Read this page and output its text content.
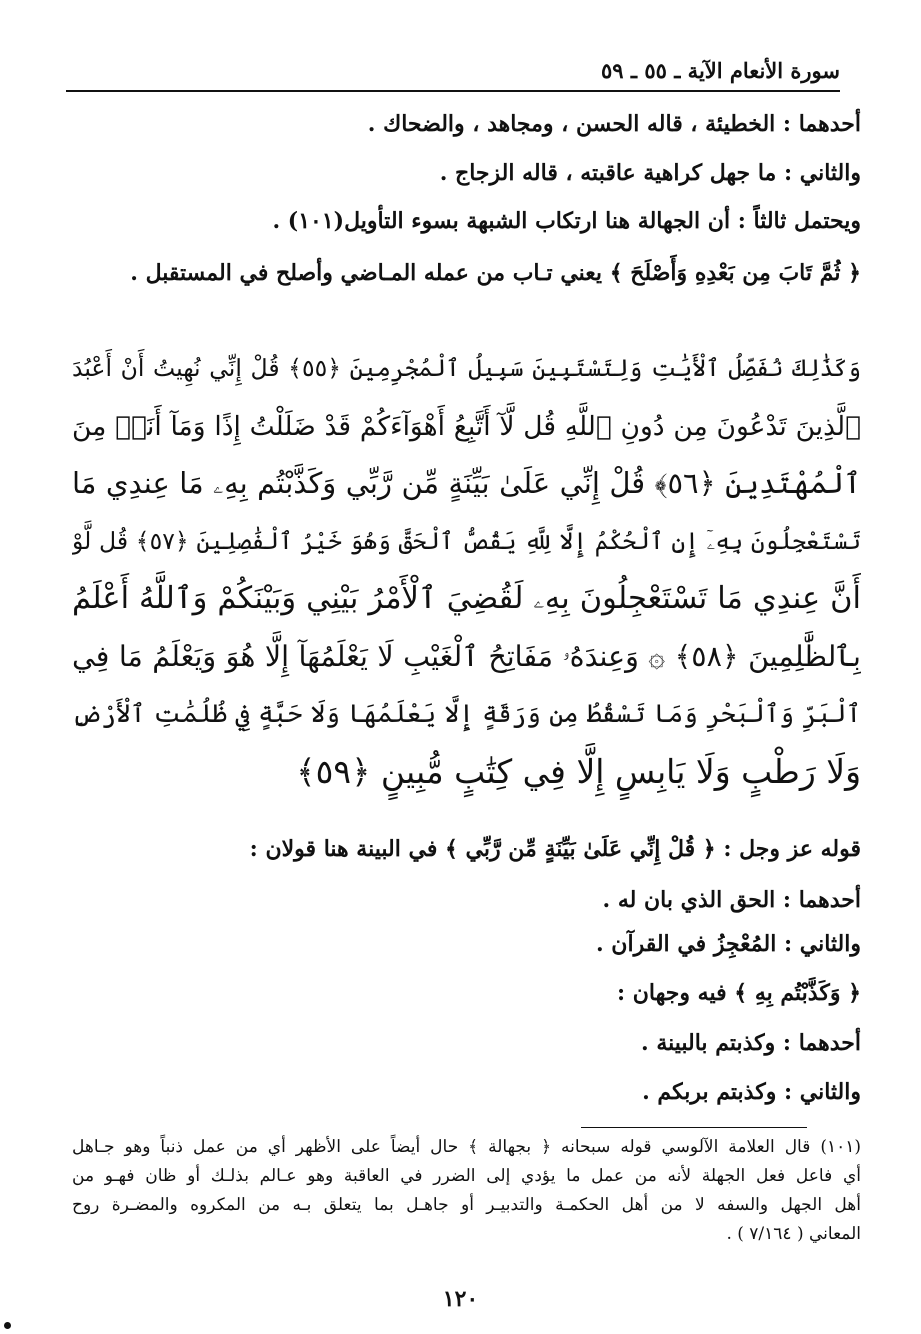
سورة الأنعام الآية ـ ٥٥ ـ ٥٩
أحدهما : الخطيئة ، قاله الحسن ، ومجاهد ، والضحاك .
والثاني : ما جهل كراهية عاقبته ، قاله الزجاج .
ويحتمل ثالثاً : أن الجهالة هنا ارتكاب الشبهة بسوء التأويل(١٠١) .
﴿ ثُمَّ تَابَ مِن بَعْدِهِ وَأَصْلَحَ ﴾ يعني تـاب من عمله المـاضي وأصلح في المستقبل .
وَكَذَٰلِكَ نُفَصِّلُ ٱلْأَيَٰتِ وَلِتَسْتَبِينَ سَبِيلُ ٱلْمُجْرِمِينَ ﴿٥٥﴾ قُلْ إِنِّي نُهِيتُ أَنْ أَعْبُدَ
ٱلَّذِينَ تَدْعُونَ مِن دُونِ ٱللَّهِ قُل لَّآ أَتَّبِعُ أَهْوَآءَكُمْ قَدْ ضَلَلْتُ إِذًا وَمَآ أَنَا۠ مِنَ
ٱلْمُهْتَدِينَ ﴿٥٦﴾ قُلْ إِنِّي عَلَىٰ بَيِّنَةٍ مِّن رَّبِّي وَكَذَّبْتُم بِهِۦ مَا عِندِي مَا
تَسْتَعْجِلُونَ بِهِۦٓ إِنِ ٱلْحُكْمُ إِلَّا لِلَّهِ يَقُصُّ ٱلْحَقَّ وَهُوَ خَيْرُ ٱلْفَٰصِلِينَ ﴿٥٧﴾ قُل لَّوْ
أَنَّ عِندِي مَا تَسْتَعْجِلُونَ بِهِۦ لَقُضِيَ ٱلْأَمْرُ بَيْنِي وَبَيْنَكُمْ وَٱللَّهُ أَعْلَمُ
بِٱلظَّٰلِمِينَ ﴿٥٨﴾ ۞ وَعِندَهُۥ مَفَاتِحُ ٱلْغَيْبِ لَا يَعْلَمُهَآ إِلَّا هُوَ وَيَعْلَمُ مَا فِي
ٱلْبَرِّ وَٱلْبَحْرِ وَمَا تَسْقُطُ مِن وَرَقَةٍ إِلَّا يَعْلَمُهَا وَلَا حَبَّةٍ فِي ظُلُمَٰتِ ٱلْأَرْضِ
وَلَا رَطْبٍ وَلَا يَابِسٍ إِلَّا فِي كِتَٰبٍ مُّبِينٍ ﴿٥٩﴾
قوله عز وجل : ﴿ قُلْ إِنِّي عَلَىٰ بَيِّنَةٍ مِّن رَّبِّي ﴾ في البينة هنا قولان :
أحدهما : الحق الذي بان له .
والثاني : المُعْجِزُ في القرآن .
﴿ وَكَذَّبْتُم بِهِ ﴾ فيه وجهان :
أحدهما : وكذبتم بالبينة .
والثاني : وكذبتم بربكم .
(١٠١) قال العلامة الآلوسي قوله سبحانه ﴿ بجهالة ﴾ حال أيضاً على الأظهر أي من عمل ذنباً وهو جـاهل
أي فاعل فعل الجهلة لأنه من عمل ما يؤدي إلى الضرر في العاقبة وهو عـالم بذلـك أو ظان فهـو من
أهل الجهل والسفه لا من أهل الحكمـة والتدبيـر أو جاهـل بما يتعلق بـه من المكروه والمضـرة روح
المعاني ( ٧/١٦٤ ) .
١٢٠
